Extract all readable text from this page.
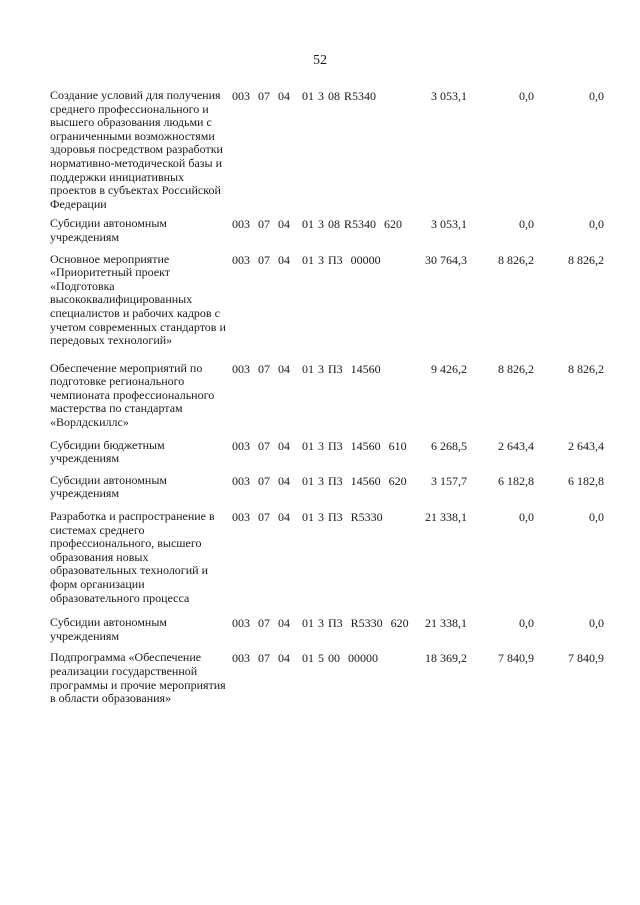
52
Создание условий для получения среднего профессионального и высшего образования людьми с ограниченными возможностями здоровья посредством разработки нормативно-методической базы и поддержки инициативных проектов в субъектах Российской Федерации
003  07  04   01 3 08 R5340	3 053,1	0,0	0,0
Субсидии автономным учреждениям
003  07  04   01 3 08 R5340  620 3 053,1	0,0	0,0
Основное мероприятие «Приоритетный проект «Подготовка высококвалифицированных специалистов и рабочих кадров с учетом современных стандартов и передовых технологий»
003  07  04   01 3 П3  00000	30 764,3	8 826,2	8 826,2
Обеспечение мероприятий по подготовке регионального чемпионата профессионального мастерства по стандартам «Ворлдскиллс»
003  07  04   01 3 П3  14560	9 426,2	8 826,2	8 826,2
Субсидии бюджетным учреждениям
003  07  04   01 3 П3  14560  610 6 268,5	2 643,4	2 643,4
Субсидии автономным учреждениям
003  07  04   01 3 П3  14560  620 3 157,7	6 182,8	6 182,8
Разработка и распространение в системах среднего профессионального, высшего образования новых образовательных технологий и форм организации образовательного процесса
003  07  04   01 3 П3  R5330	21 338,1	0,0	0,0
Субсидии автономным учреждениям
003  07  04   01 3 П3  R5330  620 21 338,1	0,0	0,0
Подпрограмма «Обеспечение реализации государственной программы и прочие мероприятия в области образования»
003  07  04   01 5 00  00000	18 369,2	7 840,9	7 840,9
